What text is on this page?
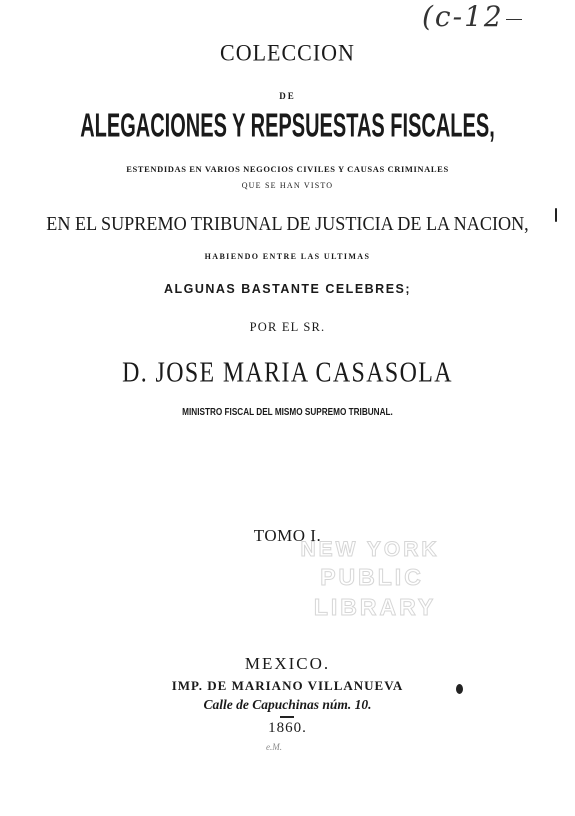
(c-12

COLECCION

DE

ALEGACIONES Y REPSUESTAS FISCALES,

ESTENDIDAS EN VARIOS NEGOCIOS CIVILES Y CAUSAS CRIMINALES

QUE SE HAN VISTO

EN EL SUPREMO TRIBUNAL DE JUSTICIA DE LA NACION,

HABIENDO ENTRE LAS ULTIMAS

ALGUNAS BASTANTE CELEBRES;

POR EL SR.

D. JOSE MARIA CASASOLA

MINISTRO FISCAL DEL MISMO SUPREMO TRIBUNAL.

TOMO I.

NEW YORK
PUBLIC
LIBRARY

MEXICO.

IMP. DE MARIANO VILLANUEVA

Calle de Capuchinas núm. 10.

1860.

e.M.
